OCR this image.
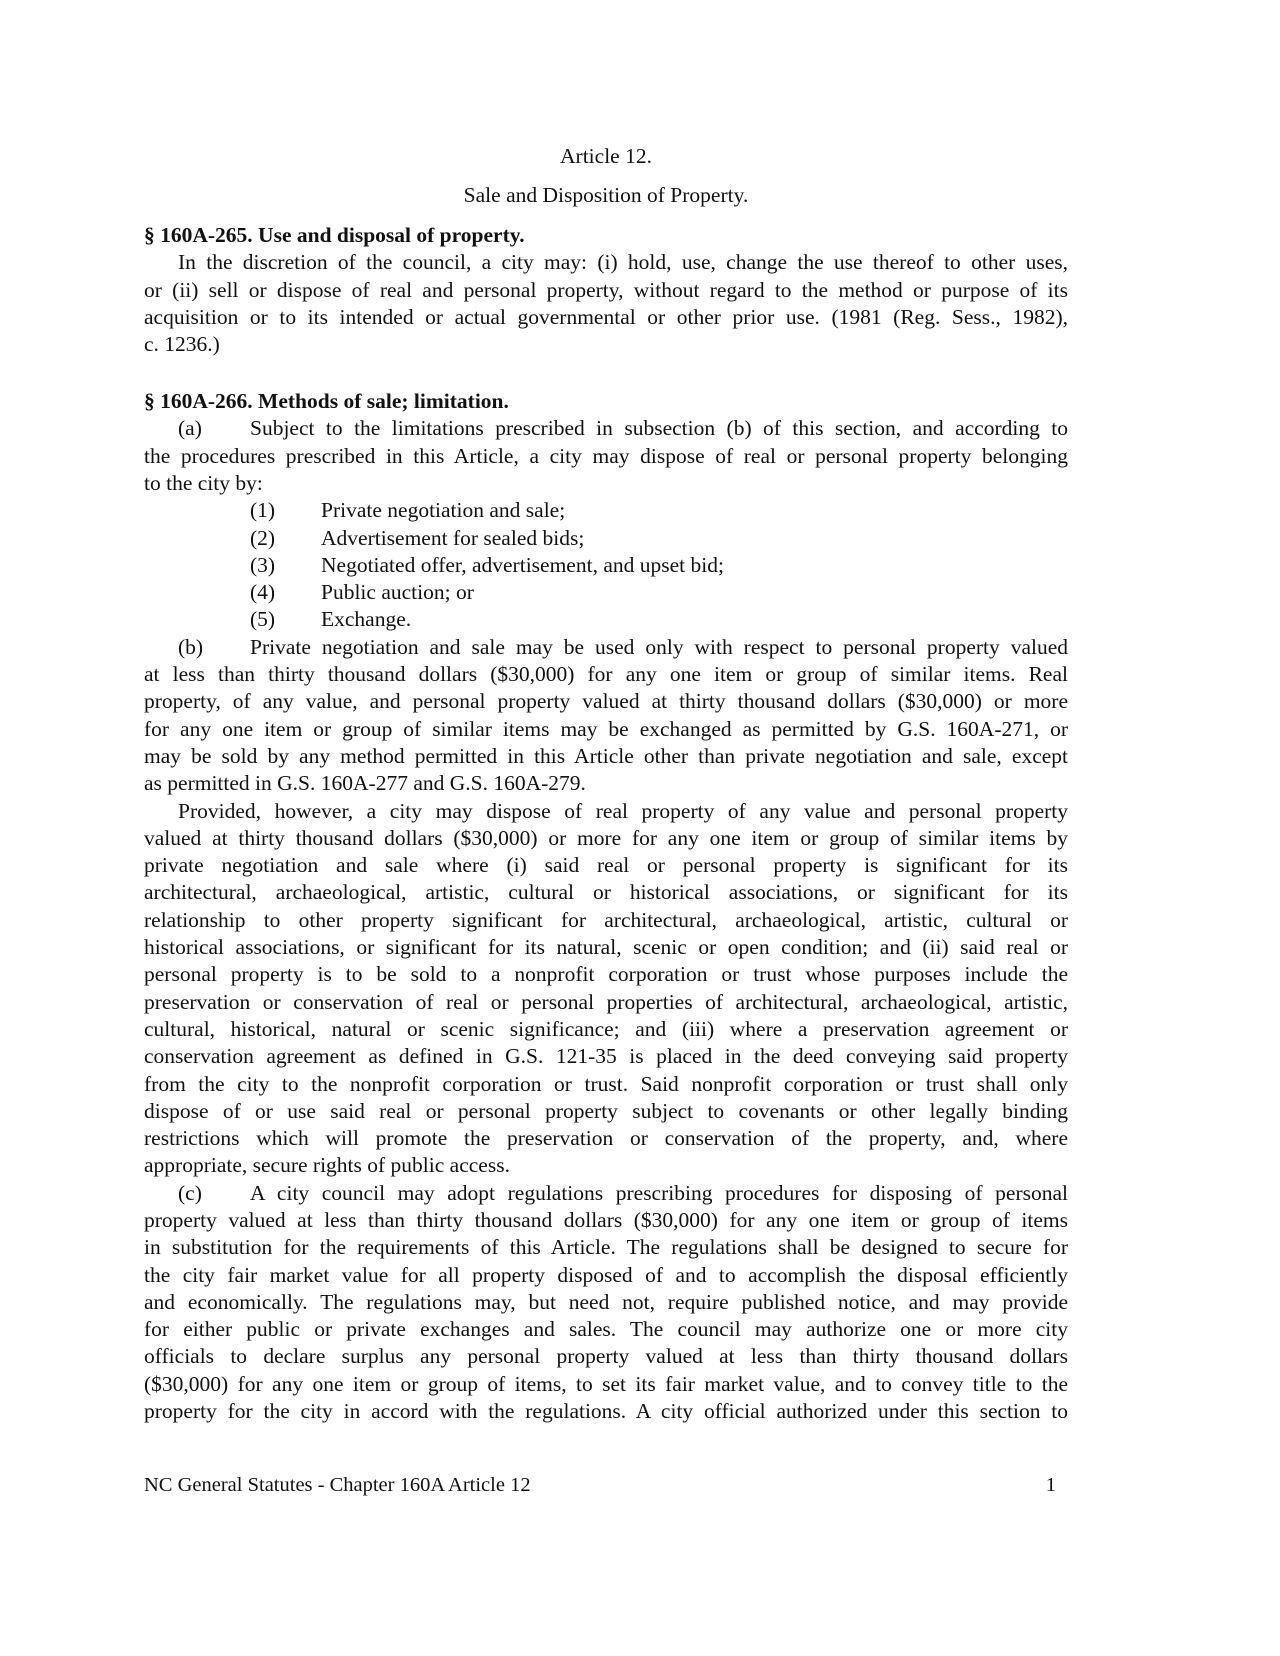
Article 12.
Sale and Disposition of Property.
§ 160A-265. Use and disposal of property.
In the discretion of the council, a city may: (i) hold, use, change the use thereof to other uses,
or (ii) sell or dispose of real and personal property, without regard to the method or purpose of its
acquisition or to its intended or actual governmental or other prior use. (1981 (Reg. Sess., 1982),
c. 1236.)
§ 160A-266. Methods of sale; limitation.
(a)	Subject to the limitations prescribed in subsection (b) of this section, and according to
the procedures prescribed in this Article, a city may dispose of real or personal property belonging
to the city by:
(1)	Private negotiation and sale;
(2)	Advertisement for sealed bids;
(3)	Negotiated offer, advertisement, and upset bid;
(4)	Public auction; or
(5)	Exchange.
(b)	Private negotiation and sale may be used only with respect to personal property valued
at less than thirty thousand dollars ($30,000) for any one item or group of similar items. Real
property, of any value, and personal property valued at thirty thousand dollars ($30,000) or more
for any one item or group of similar items may be exchanged as permitted by G.S. 160A-271, or
may be sold by any method permitted in this Article other than private negotiation and sale, except
as permitted in G.S. 160A-277 and G.S. 160A-279.
Provided, however, a city may dispose of real property of any value and personal property
valued at thirty thousand dollars ($30,000) or more for any one item or group of similar items by
private negotiation and sale where (i) said real or personal property is significant for its
architectural, archaeological, artistic, cultural or historical associations, or significant for its
relationship to other property significant for architectural, archaeological, artistic, cultural or
historical associations, or significant for its natural, scenic or open condition; and (ii) said real or
personal property is to be sold to a nonprofit corporation or trust whose purposes include the
preservation or conservation of real or personal properties of architectural, archaeological, artistic,
cultural, historical, natural or scenic significance; and (iii) where a preservation agreement or
conservation agreement as defined in G.S. 121-35 is placed in the deed conveying said property
from the city to the nonprofit corporation or trust. Said nonprofit corporation or trust shall only
dispose of or use said real or personal property subject to covenants or other legally binding
restrictions which will promote the preservation or conservation of the property, and, where
appropriate, secure rights of public access.
(c)	A city council may adopt regulations prescribing procedures for disposing of personal
property valued at less than thirty thousand dollars ($30,000) for any one item or group of items
in substitution for the requirements of this Article. The regulations shall be designed to secure for
the city fair market value for all property disposed of and to accomplish the disposal efficiently
and economically. The regulations may, but need not, require published notice, and may provide
for either public or private exchanges and sales. The council may authorize one or more city
officials to declare surplus any personal property valued at less than thirty thousand dollars
($30,000) for any one item or group of items, to set its fair market value, and to convey title to the
property for the city in accord with the regulations. A city official authorized under this section to
NC General Statutes - Chapter 160A Article 12	1
